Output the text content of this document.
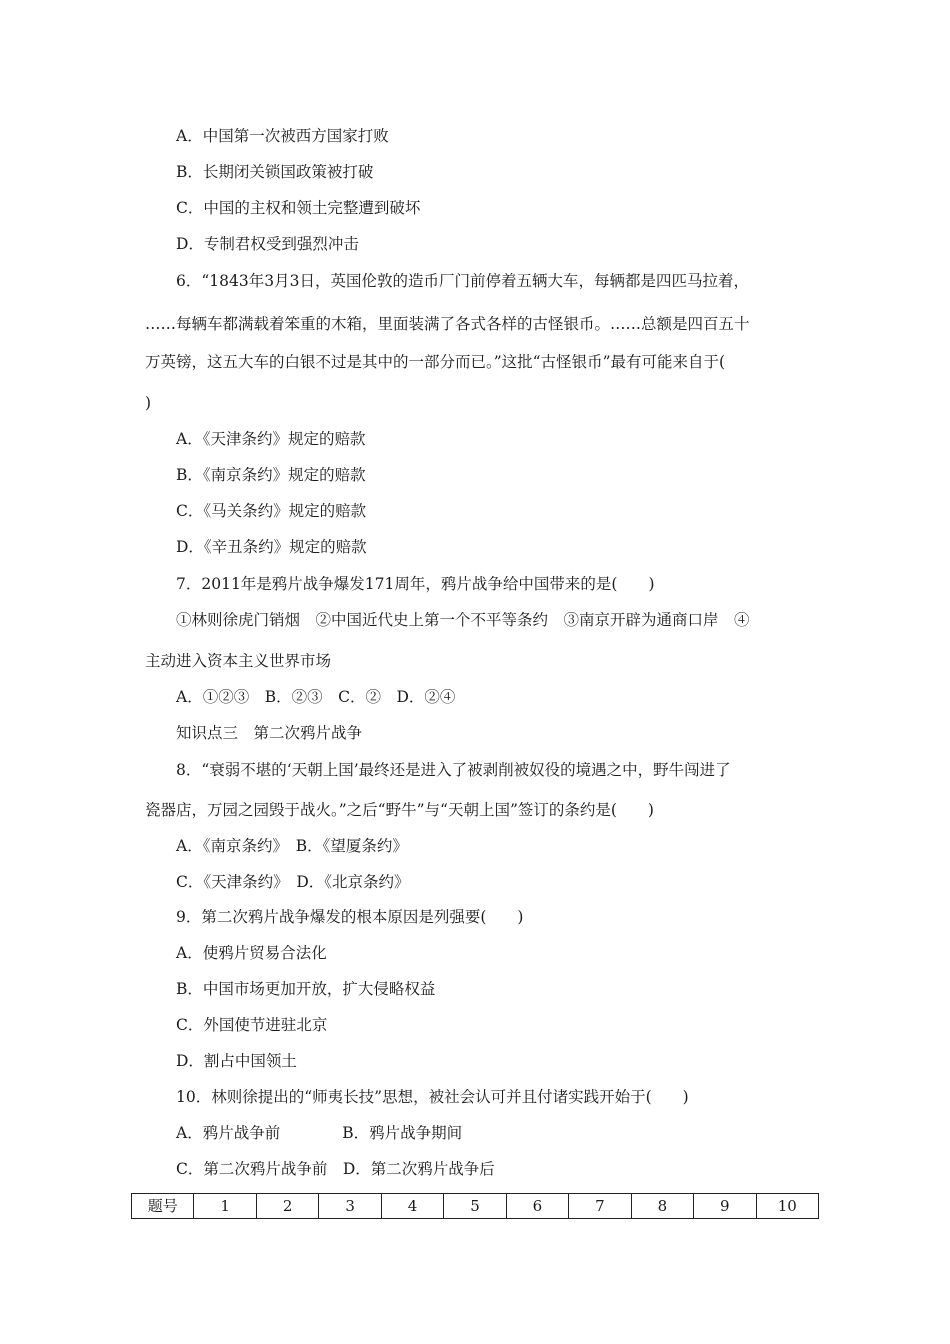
A．中国第一次被西方国家打败
B．长期闭关锁国政策被打破
C．中国的主权和领土完整遭到破坏
D．专制君权受到强烈冲击
6．“1843年3月3日，英国伦敦的造币厂门前停着五辆大车，每辆都是四匹马拉着，
……每辆车都满载着笨重的木箱，里面装满了各式各样的古怪银币。……总额是四百五十
万英镑，这五大车的白银不过是其中的一部分而已。”这批“古怪银币”最有可能来自于(
)
A．《天津条约》规定的赔款
B．《南京条约》规定的赔款
C．《马关条约》规定的赔款
D．《辛丑条约》规定的赔款
7．2011年是鸦片战争爆发171周年，鸦片战争给中国带来的是(　　)
①林则徐虎门销烟　②中国近代史上第一个不平等条约　③南京开辟为通商口岸　④
主动进入资本主义世界市场
A．①②③　B．②③　C．②　D．②④
知识点三　第二次鸦片战争
8．“衰弱不堪的‘天朝上国’最终还是进入了被剥削被奴役的境遇之中，野牛闯进了
瓷器店，万园之园毁于战火。”之后“野牛”与“天朝上国”签订的条约是(　　)
A．《南京条约》　B．《望厦条约》
C．《天津条约》　D．《北京条约》
9．第二次鸦片战争爆发的根本原因是列强要(　　)
A．使鸦片贸易合法化
B．中国市场更加开放，扩大侵略权益
C．外国使节进驻北京
D．割占中国领土
10．林则徐提出的“师夷长技”思想，被社会认可并且付诸实践开始于(　　)
A．鸦片战争前　　　　B．鸦片战争期间
C．第二次鸦片战争前　D．第二次鸦片战争后
题号	1	2	3	4	5	6	7	8	9	10
